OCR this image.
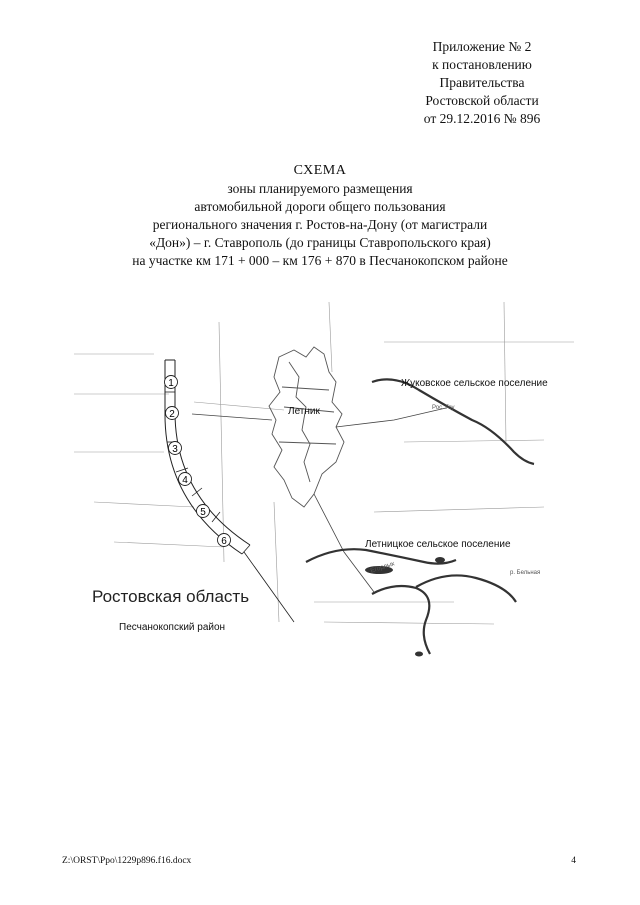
Приложение № 2
к постановлению
Правительства
Ростовской области
от 29.12.2016 № 896
СХЕМА
зоны планируемого размещения
автомобильной дороги общего пользования
регионального значения г. Ростов-на-Дону (от магистрали
«Дон») – г. Ставрополь (до границы Ставропольского края)
на участке км 171 + 000 – км 176 + 870 в Песчанокопском районе
1
2
3
4
5
6
Жуковское сельское поселение
Летницкое сельское поселение
Летник
Ростовская область
Песчанокопский район
Рос. Гоу
Егорлык	р. Бельная
Z:\ORST\Ppo\1229p896.f16.docx	4
